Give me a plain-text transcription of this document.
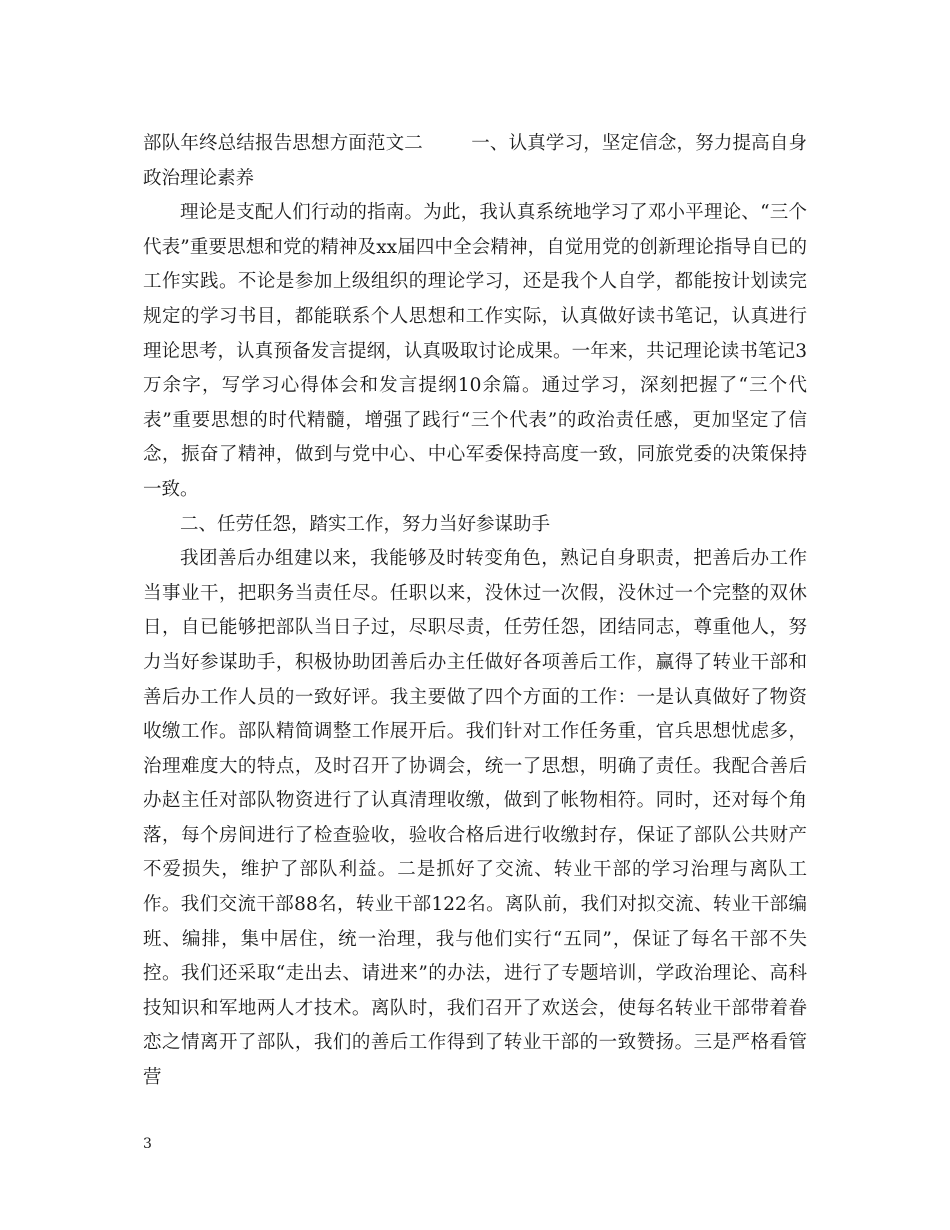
部队年终总结报告思想方面范文二	一、认真学习，坚定信念，努力提高自身政治理论素养

理论是支配人们行动的指南。为此，我认真系统地学习了邓小平理论、“三个代表”重要思想和党的精神及xx届四中全会精神，自觉用党的创新理论指导自已的工作实践。不论是参加上级组织的理论学习，还是我个人自学，都能按计划读完规定的学习书目，都能联系个人思想和工作实际，认真做好读书笔记，认真进行理论思考，认真预备发言提纲，认真吸取讨论成果。一年来，共记理论读书笔记3万余字，写学习心得体会和发言提纲10余篇。通过学习，深刻把握了“三个代表”重要思想的时代精髓，增强了践行“三个代表”的政治责任感，更加坚定了信念，振奋了精神，做到与党中心、中心军委保持高度一致，同旅党委的决策保持一致。

二、任劳任怨，踏实工作，努力当好参谋助手

我团善后办组建以来，我能够及时转变角色，熟记自身职责，把善后办工作当事业干，把职务当责任尽。任职以来，没休过一次假，没休过一个完整的双休日，自已能够把部队当日子过，尽职尽责，任劳任怨，团结同志，尊重他人，努力当好参谋助手，积极协助团善后办主任做好各项善后工作，赢得了转业干部和善后办工作人员的一致好评。我主要做了四个方面的工作：一是认真做好了物资收缴工作。部队精简调整工作展开后。我们针对工作任务重，官兵思想忧虑多，治理难度大的特点，及时召开了协调会，统一了思想，明确了责任。我配合善后办赵主任对部队物资进行了认真清理收缴，做到了帐物相符。同时，还对每个角落，每个房间进行了检查验收，验收合格后进行收缴封存，保证了部队公共财产不爱损失，维护了部队利益。二是抓好了交流、转业干部的学习治理与离队工作。我们交流干部88名，转业干部122名。离队前，我们对拟交流、转业干部编班、编排，集中居住，统一治理，我与他们实行“五同”，保证了每名干部不失控。我们还采取“走出去、请进来”的办法，进行了专题培训，学政治理论、高科技知识和军地两人才技术。离队时，我们召开了欢送会，使每名转业干部带着眷恋之情离开了部队，我们的善后工作得到了转业干部的一致赞扬。三是严格看管营

3
